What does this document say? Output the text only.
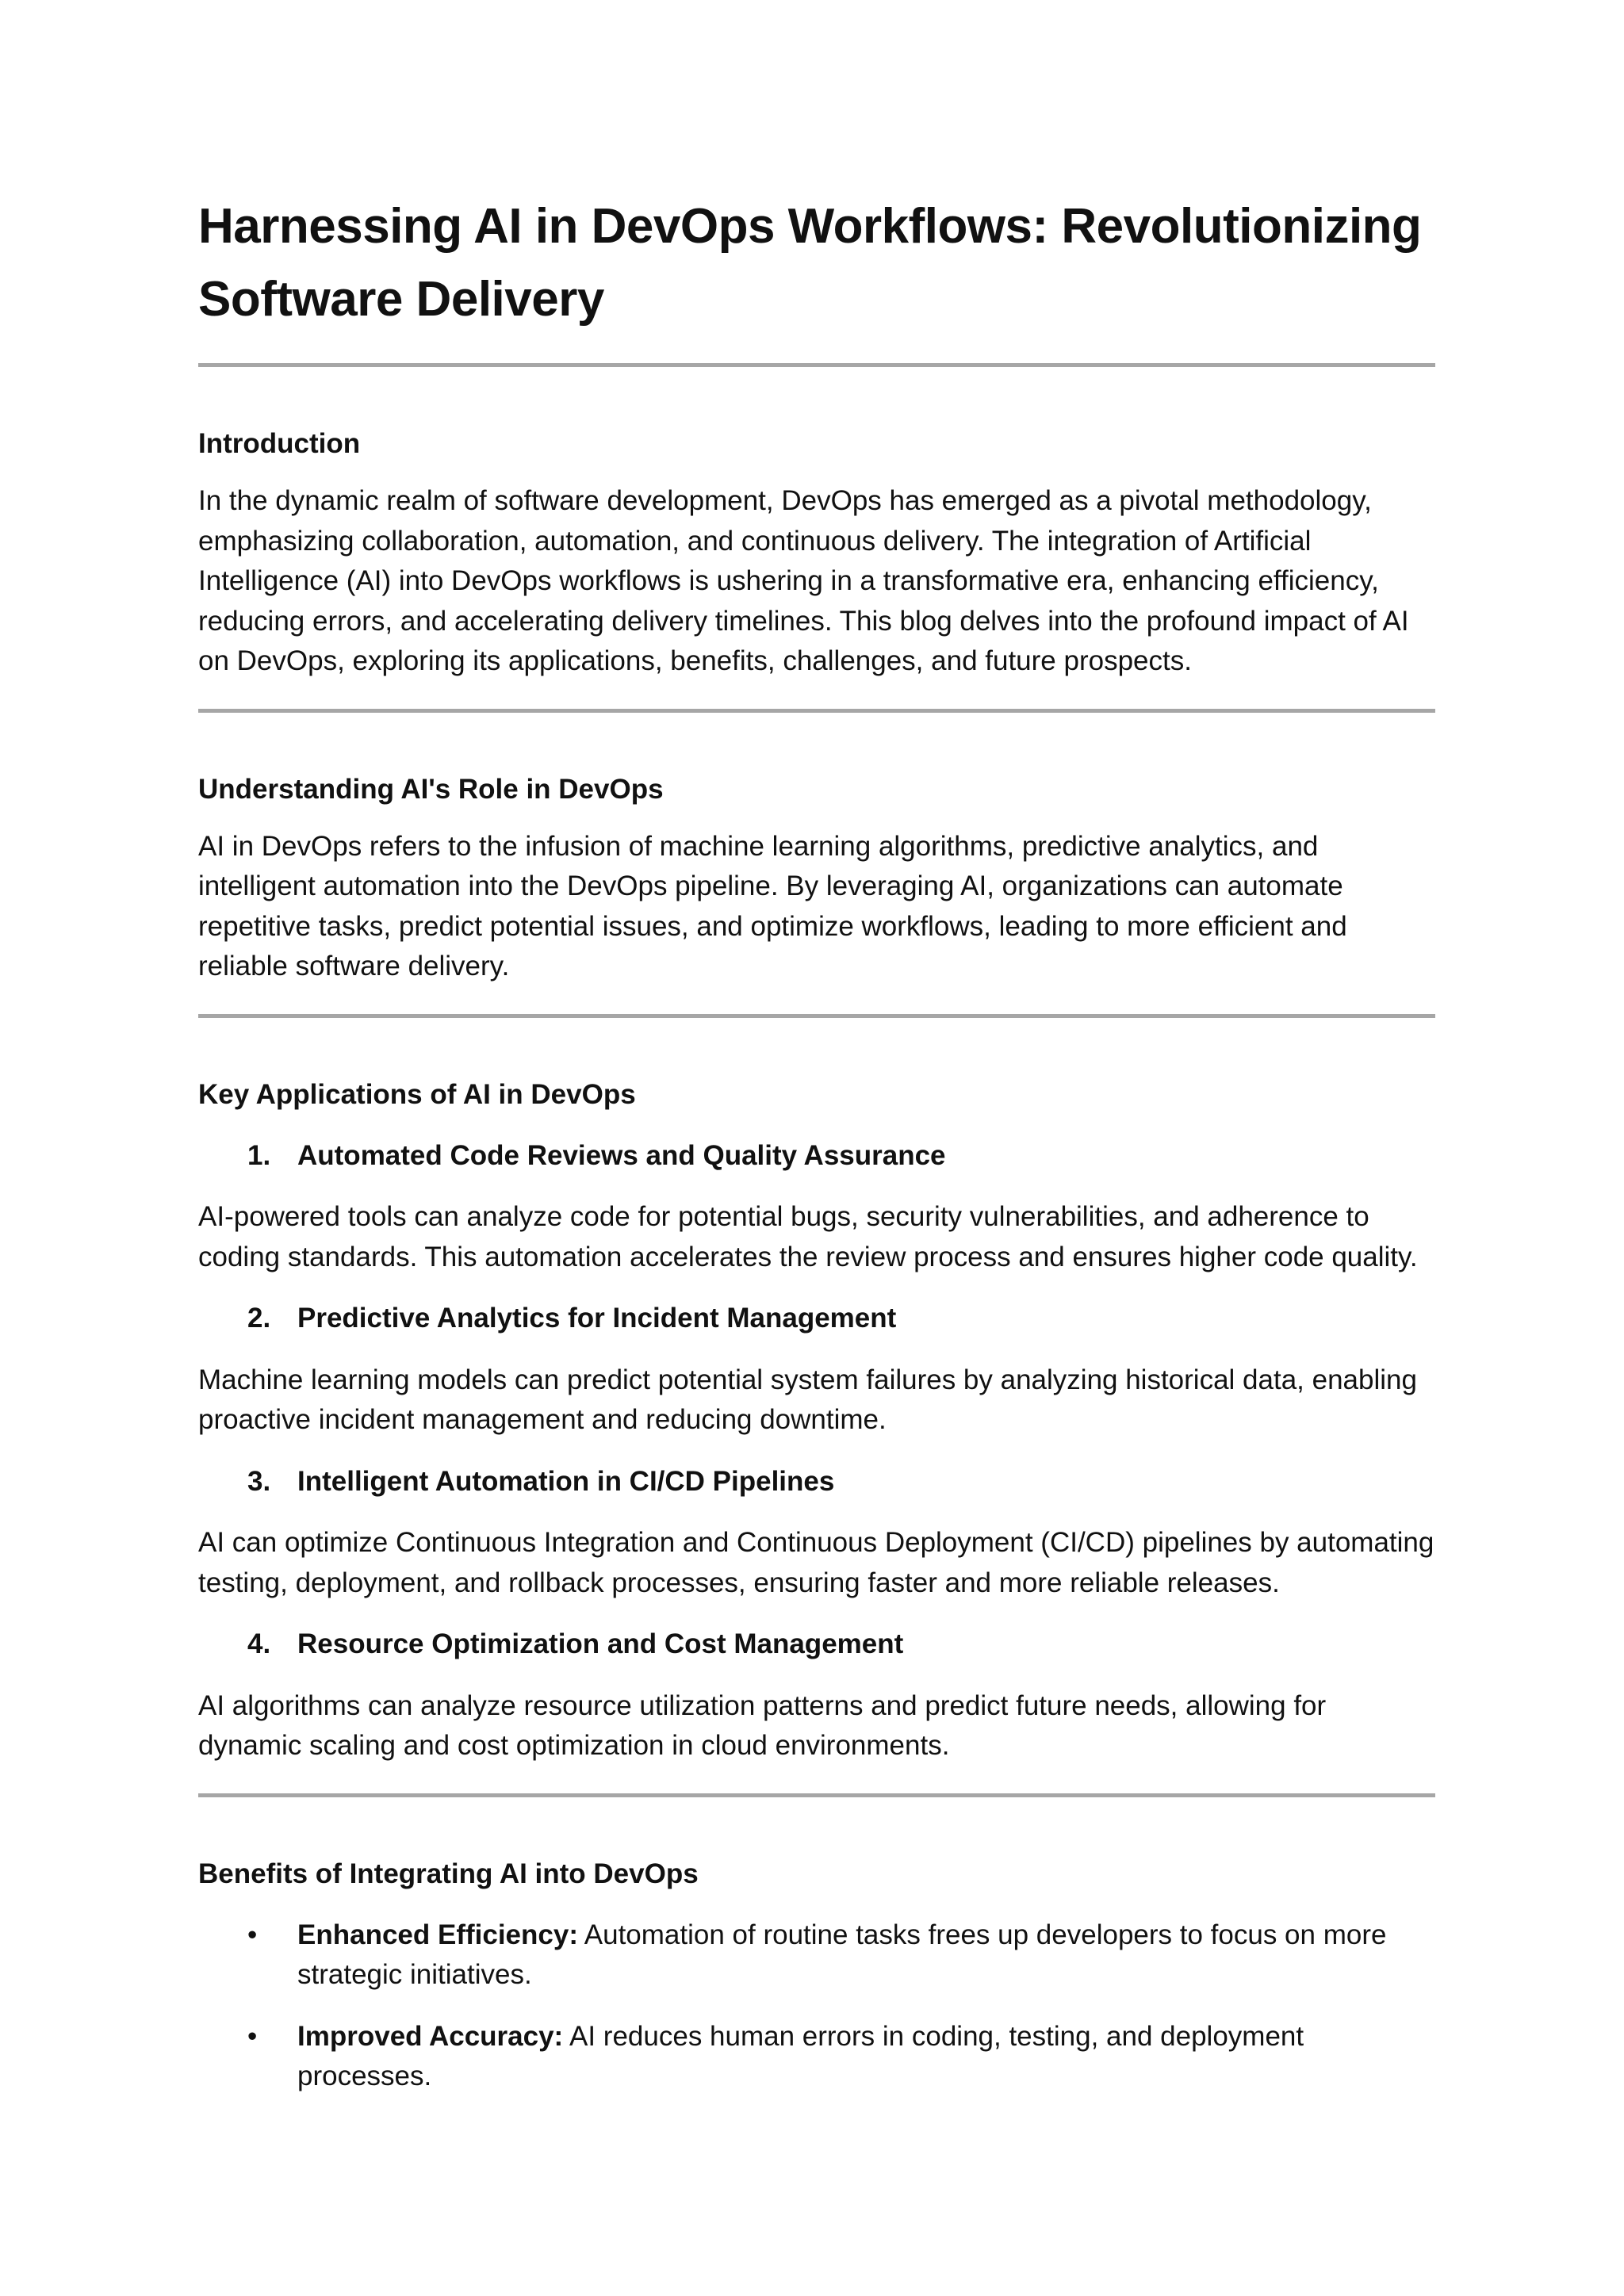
Harnessing AI in DevOps Workflows: Revolutionizing Software Delivery
Introduction

In the dynamic realm of software development, DevOps has emerged as a pivotal methodology, emphasizing collaboration, automation, and continuous delivery. The integration of Artificial Intelligence (AI) into DevOps workflows is ushering in a transformative era, enhancing efficiency, reducing errors, and accelerating delivery timelines. This blog delves into the profound impact of AI on DevOps, exploring its applications, benefits, challenges, and future prospects.

Understanding AI's Role in DevOps

AI in DevOps refers to the infusion of machine learning algorithms, predictive analytics, and intelligent automation into the DevOps pipeline. By leveraging AI, organizations can automate repetitive tasks, predict potential issues, and optimize workflows, leading to more efficient and reliable software delivery.

Key Applications of AI in DevOps

1. Automated Code Reviews and Quality Assurance

AI-powered tools can analyze code for potential bugs, security vulnerabilities, and adherence to coding standards. This automation accelerates the review process and ensures higher code quality.

2. Predictive Analytics for Incident Management

Machine learning models can predict potential system failures by analyzing historical data, enabling proactive incident management and reducing downtime.

3. Intelligent Automation in CI/CD Pipelines

AI can optimize Continuous Integration and Continuous Deployment (CI/CD) pipelines by automating testing, deployment, and rollback processes, ensuring faster and more reliable releases.

4. Resource Optimization and Cost Management

AI algorithms can analyze resource utilization patterns and predict future needs, allowing for dynamic scaling and cost optimization in cloud environments.

Benefits of Integrating AI into DevOps

• Enhanced Efficiency: Automation of routine tasks frees up developers to focus on more strategic initiatives.

• Improved Accuracy: AI reduces human errors in coding, testing, and deployment processes.
